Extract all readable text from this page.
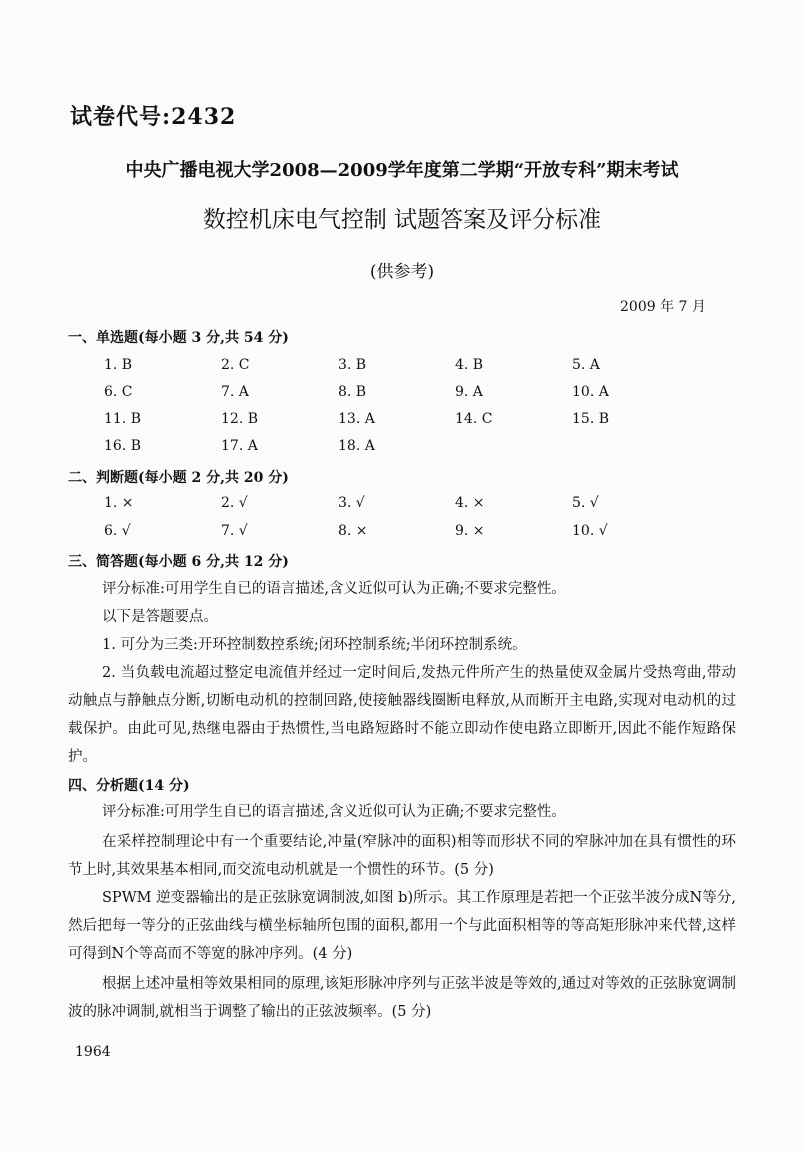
试卷代号:2432
中央广播电视大学2008—2009学年度第二学期“开放专科”期末考试
数控机床电气控制 试题答案及评分标准
(供参考)
2009 年 7 月
一、单选题(每小题 3 分,共 54 分)
1. B	2. C	3. B	4. B	5. A
6. C	7. A	8. B	9. A	10. A
11. B	12. B	13. A	14. C	15. B
16. B	17. A	18. A
二、判断题(每小题 2 分,共 20 分)
1. ×	2. √	3. √	4. ×	5. √
6. √	7. √	8. ×	9. ×	10. √
三、简答题(每小题 6 分,共 12 分)
评分标准:可用学生自已的语言描述,含义近似可认为正确;不要求完整性。
以下是答题要点。
1. 可分为三类:开环控制数控系统;闭环控制系统;半闭环控制系统。
2. 当负载电流超过整定电流值并经过一定时间后,发热元件所产生的热量使双金属片受热弯曲,带动动触点与静触点分断,切断电动机的控制回路,使接触器线圈断电释放,从而断开主电路,实现对电动机的过载保护。由此可见,热继电器由于热惯性,当电路短路时不能立即动作使电路立即断开,因此不能作短路保护。
四、分析题(14 分)
评分标准:可用学生自已的语言描述,含义近似可认为正确;不要求完整性。
在采样控制理论中有一个重要结论,冲量(窄脉冲的面积)相等而形状不同的窄脉冲加在具有惯性的环节上时,其效果基本相同,而交流电动机就是一个惯性的环节。(5 分)
SPWM 逆变器输出的是正弦脉宽调制波,如图 b)所示。其工作原理是若把一个正弦半波分成N等分,然后把每一等分的正弦曲线与横坐标轴所包围的面积,都用一个与此面积相等的等高矩形脉冲来代替,这样可得到N个等高而不等宽的脉冲序列。(4 分)
根据上述冲量相等效果相同的原理,该矩形脉冲序列与正弦半波是等效的,通过对等效的正弦脉宽调制波的脉冲调制,就相当于调整了输出的正弦波频率。(5 分)
1964
